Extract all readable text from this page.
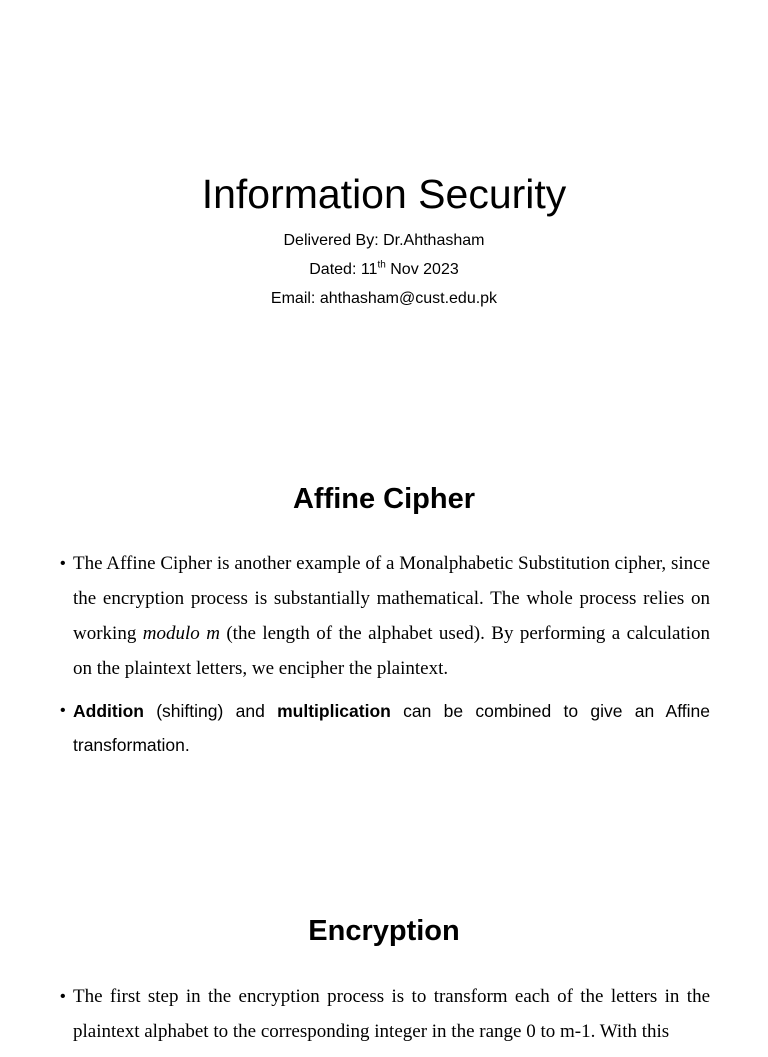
Information Security

Delivered By: Dr.Ahthasham

Dated: 11th Nov 2023

Email: ahthasham@cust.edu.pk

Affine Cipher
• The Affine Cipher is another example of a Monalphabetic Substitution cipher, since the encryption process is substantially mathematical. The whole process relies on working modulo m (the length of the alphabet used). By performing a calculation on the plaintext letters, we encipher the plaintext.
• Addition (shifting) and multiplication can be combined to give an Affine transformation.
Encryption
• The first step in the encryption process is to transform each of the letters in the plaintext alphabet to the corresponding integer in the range 0 to m-1. With this
